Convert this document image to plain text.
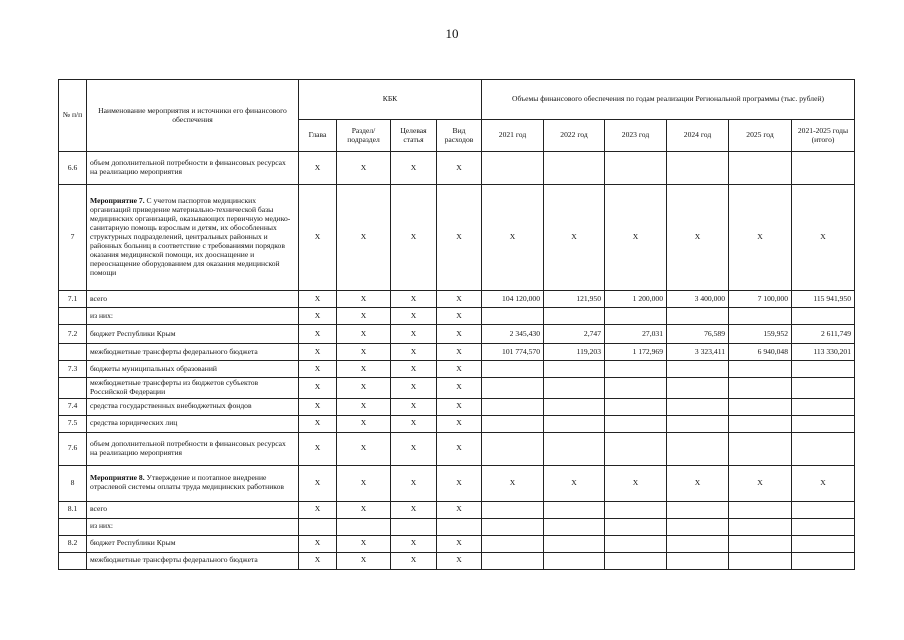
10
№ п/п	Наименование мероприятия и источники его финансового обеспечения	КБК				Объемы финансового обеспечения по годам реализации Региональной программы (тыс. рублей)					
		Глава	Раздел/ подраздел	Целевая статья	Вид расходов	2021 год	2022 год	2023 год	2024 год	2025 год	2021-2025 годы (итого)
6.6	объем дополнительной потребности в финансовых ресурсах на реализацию мероприятия	X	X	X	X						
7	Мероприятие 7. С учетом паспортов медицинских организаций приведение материально-технической базы медицинских организаций, оказывающих первичную медико-санитарную помощь взрослым и детям, их обособленных структурных подразделений, центральных районных и районных больниц в соответствие с требованиями порядков оказания медицинской помощи, их дооснащение и переоснащение оборудованием для оказания медицинской помощи	X	X	X	X	X	X	X	X	X	X
7.1	всего	X	X	X	X	104 120,000	121,950	1 200,000	3 400,000	7 100,000	115 941,950
	из них:	X	X	X	X						
7.2	бюджет Республики Крым	X	X	X	X	2 345,430	2,747	27,031	76,589	159,952	2 611,749
	межбюджетные трансферты федерального бюджета	X	X	X	X	101 774,570	119,203	1 172,969	3 323,411	6 940,048	113 330,201
7.3	бюджеты муниципальных образований	X	X	X	X						
	межбюджетные трансферты из бюджетов субъектов Российской Федерации	X	X	X	X						
7.4	средства государственных внебюджетных фондов	X	X	X	X						
7.5	средства юридических лиц	X	X	X	X						
7.6	объем дополнительной потребности в финансовых ресурсах на реализацию мероприятия	X	X	X	X						
8	Мероприятие 8. Утверждение и поэтапное внедрение отраслевой системы оплаты труда медицинских работников	X	X	X	X	X	X	X	X	X	X
8.1	всего	X	X	X	X						
	из них:										
8.2	бюджет Республики Крым	X	X	X	X						
	межбюджетные трансферты федерального бюджета	X	X	X	X						
